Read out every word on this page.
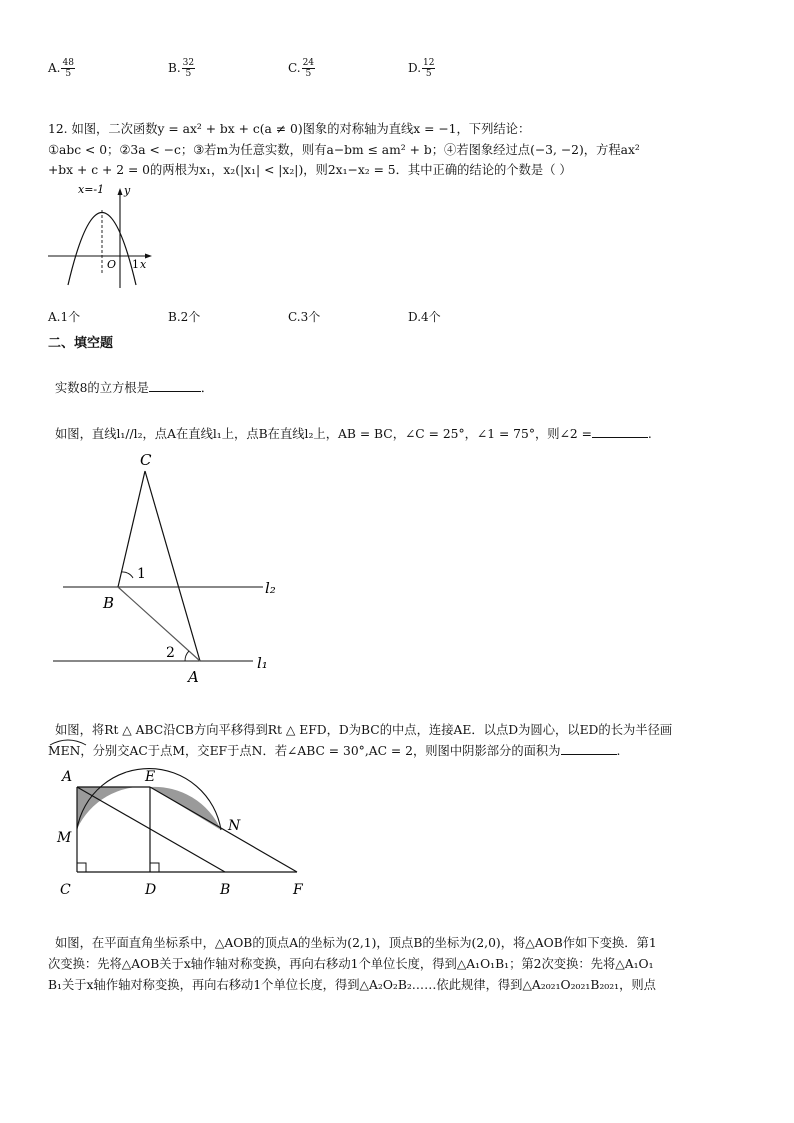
A. $\frac{48}{5}$	B. $\frac{32}{5}$	C. $\frac{24}{5}$	D. $\frac{12}{5}$
12. 如图，二次函数y = ax² + bx + c(a ≠ 0)图象的对称轴为直线x = −1，下列结论：
①abc < 0；②3a < −c；③若m为任意实数，则有a−bm ≤ am² + b；④若图象经过点(−3, −2)，方程ax²
+bx + c + 2 = 0的两根为x₁，x₂(|x₁| < |x₂|)，则2x₁−x₂ = 5．其中正确的结论的个数是（ ）
x=-1 y
O 1 x
A.1个	B.2个	C.3个	D.4个
二、填空题
实数8的立方根是	．
如图，直线l₁//l₂，点A在直线l₁上，点B在直线l₂上，AB = BC，∠C = 25°，∠1 = 75°，则∠2 =	.
C
B
A
1
2
l₂
l₁
如图，将Rt △ ABC沿CB方向平移得到Rt △ EFD，D为BC的中点，连接AE．以点D为圆心，以ED的长为半径画
MEN，分别交AC于点M，交EF于点N．若∠ABC = 30°,AC = 2，则图中阴影部分的面积为	.
A	E
M
N
C	D	B	F
如图，在平面直角坐标系中，△AOB的顶点A的坐标为(2,1)，顶点B的坐标为(2,0)，将△AOB作如下变换．第1
次变换：先将△AOB关于x轴作轴对称变换，再向右移动1个单位长度，得到△A₁O₁B₁；第2次变换：先将△A₁O₁
B₁关于x轴作轴对称变换，再向右移动1个单位长度，得到△A₂O₂B₂……依此规律，得到△A₂₀₂₁O₂₀₂₁B₂₀₂₁，则点
